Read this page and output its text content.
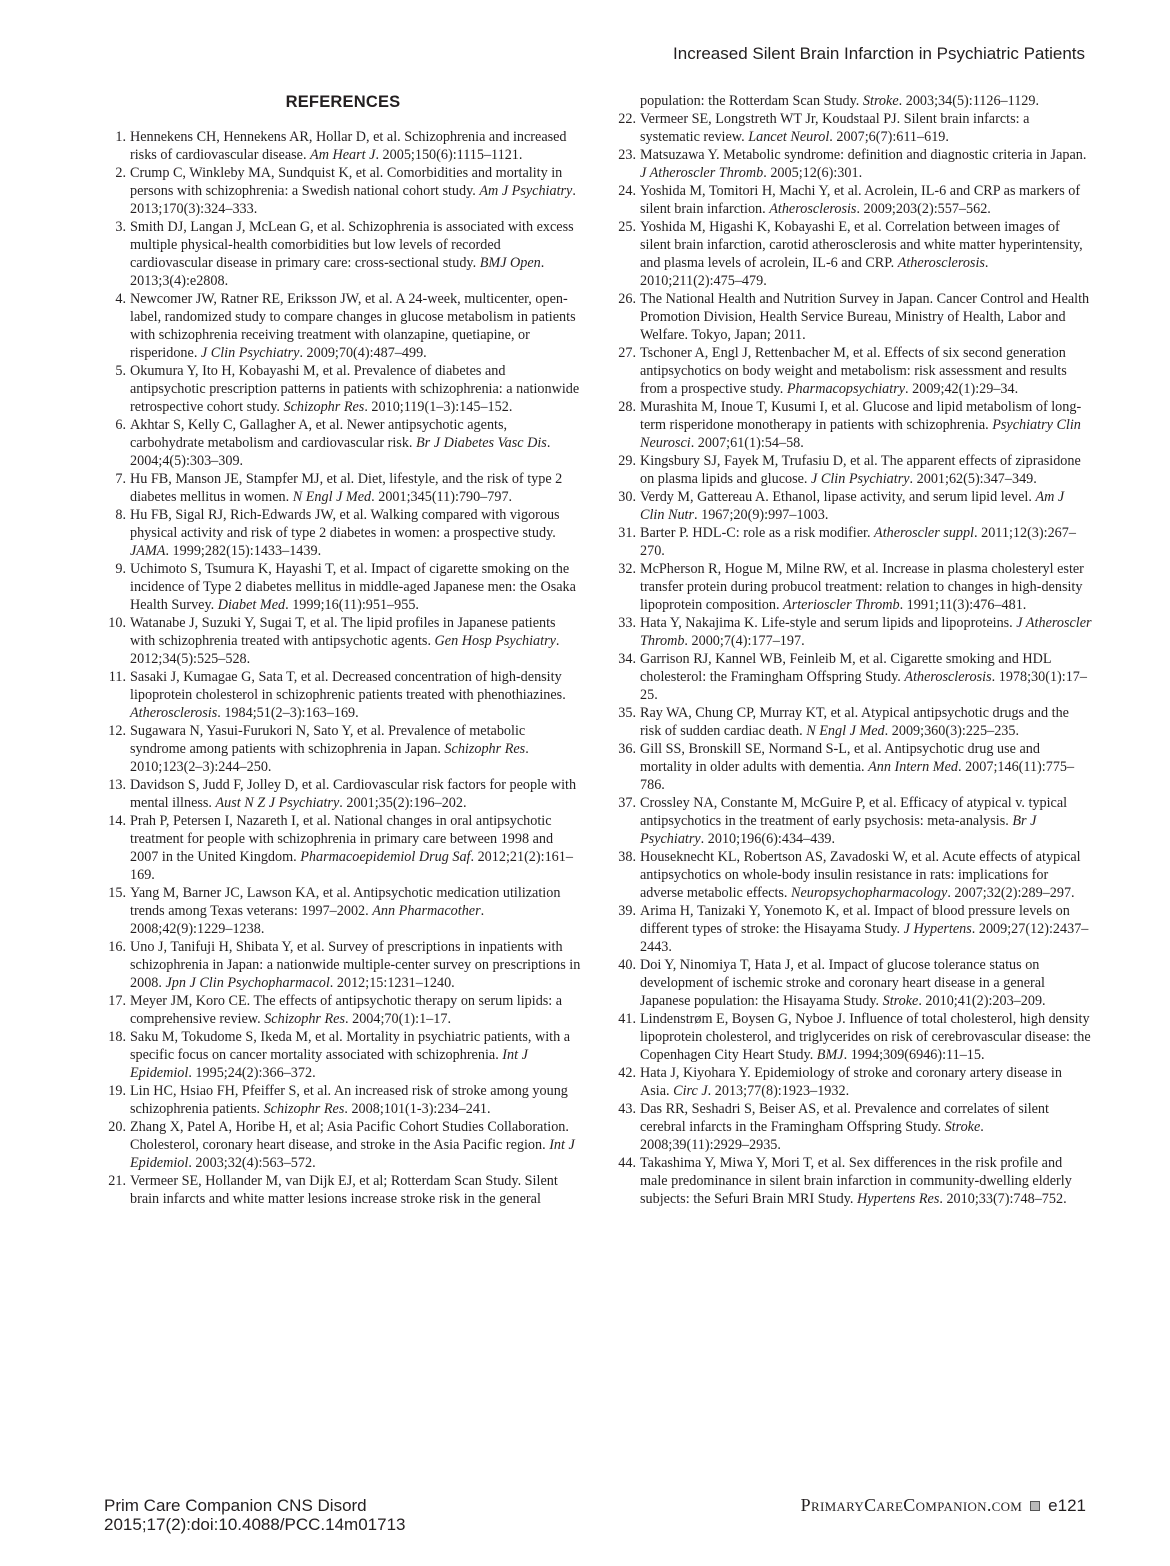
Increased Silent Brain Infarction in Psychiatric Patients
REFERENCES
1. Hennekens CH, Hennekens AR, Hollar D, et al. Schizophrenia and increased risks of cardiovascular disease. Am Heart J. 2005;150(6):1115–1121.
2. Crump C, Winkleby MA, Sundquist K, et al. Comorbidities and mortality in persons with schizophrenia: a Swedish national cohort study. Am J Psychiatry. 2013;170(3):324–333.
3. Smith DJ, Langan J, McLean G, et al. Schizophrenia is associated with excess multiple physical-health comorbidities but low levels of recorded cardiovascular disease in primary care: cross-sectional study. BMJ Open. 2013;3(4):e2808.
4. Newcomer JW, Ratner RE, Eriksson JW, et al. A 24-week, multicenter, open-label, randomized study to compare changes in glucose metabolism in patients with schizophrenia receiving treatment with olanzapine, quetiapine, or risperidone. J Clin Psychiatry. 2009;70(4):487–499.
5. Okumura Y, Ito H, Kobayashi M, et al. Prevalence of diabetes and antipsychotic prescription patterns in patients with schizophrenia: a nationwide retrospective cohort study. Schizophr Res. 2010;119(1–3):145–152.
6. Akhtar S, Kelly C, Gallagher A, et al. Newer antipsychotic agents, carbohydrate metabolism and cardiovascular risk. Br J Diabetes Vasc Dis. 2004;4(5):303–309.
7. Hu FB, Manson JE, Stampfer MJ, et al. Diet, lifestyle, and the risk of type 2 diabetes mellitus in women. N Engl J Med. 2001;345(11):790–797.
8. Hu FB, Sigal RJ, Rich-Edwards JW, et al. Walking compared with vigorous physical activity and risk of type 2 diabetes in women: a prospective study. JAMA. 1999;282(15):1433–1439.
9. Uchimoto S, Tsumura K, Hayashi T, et al. Impact of cigarette smoking on the incidence of Type 2 diabetes mellitus in middle-aged Japanese men: the Osaka Health Survey. Diabet Med. 1999;16(11):951–955.
10. Watanabe J, Suzuki Y, Sugai T, et al. The lipid profiles in Japanese patients with schizophrenia treated with antipsychotic agents. Gen Hosp Psychiatry. 2012;34(5):525–528.
11. Sasaki J, Kumagae G, Sata T, et al. Decreased concentration of high-density lipoprotein cholesterol in schizophrenic patients treated with phenothiazines. Atherosclerosis. 1984;51(2–3):163–169.
12. Sugawara N, Yasui-Furukori N, Sato Y, et al. Prevalence of metabolic syndrome among patients with schizophrenia in Japan. Schizophr Res. 2010;123(2–3):244–250.
13. Davidson S, Judd F, Jolley D, et al. Cardiovascular risk factors for people with mental illness. Aust N Z J Psychiatry. 2001;35(2):196–202.
14. Prah P, Petersen I, Nazareth I, et al. National changes in oral antipsychotic treatment for people with schizophrenia in primary care between 1998 and 2007 in the United Kingdom. Pharmacoepidemiol Drug Saf. 2012;21(2):161–169.
15. Yang M, Barner JC, Lawson KA, et al. Antipsychotic medication utilization trends among Texas veterans: 1997–2002. Ann Pharmacother. 2008;42(9):1229–1238.
16. Uno J, Tanifuji H, Shibata Y, et al. Survey of prescriptions in inpatients with schizophrenia in Japan: a nationwide multiple-center survey on prescriptions in 2008. Jpn J Clin Psychopharmacol. 2012;15:1231–1240.
17. Meyer JM, Koro CE. The effects of antipsychotic therapy on serum lipids: a comprehensive review. Schizophr Res. 2004;70(1):1–17.
18. Saku M, Tokudome S, Ikeda M, et al. Mortality in psychiatric patients, with a specific focus on cancer mortality associated with schizophrenia. Int J Epidemiol. 1995;24(2):366–372.
19. Lin HC, Hsiao FH, Pfeiffer S, et al. An increased risk of stroke among young schizophrenia patients. Schizophr Res. 2008;101(1-3):234–241.
20. Zhang X, Patel A, Horibe H, et al; Asia Pacific Cohort Studies Collaboration. Cholesterol, coronary heart disease, and stroke in the Asia Pacific region. Int J Epidemiol. 2003;32(4):563–572.
21. Vermeer SE, Hollander M, van Dijk EJ, et al; Rotterdam Scan Study. Silent brain infarcts and white matter lesions increase stroke risk in the general
population: the Rotterdam Scan Study. Stroke. 2003;34(5):1126–1129.
22. Vermeer SE, Longstreth WT Jr, Koudstaal PJ. Silent brain infarcts: a systematic review. Lancet Neurol. 2007;6(7):611–619.
23. Matsuzawa Y. Metabolic syndrome: definition and diagnostic criteria in Japan. J Atheroscler Thromb. 2005;12(6):301.
24. Yoshida M, Tomitori H, Machi Y, et al. Acrolein, IL-6 and CRP as markers of silent brain infarction. Atherosclerosis. 2009;203(2):557–562.
25. Yoshida M, Higashi K, Kobayashi E, et al. Correlation between images of silent brain infarction, carotid atherosclerosis and white matter hyperintensity, and plasma levels of acrolein, IL-6 and CRP. Atherosclerosis. 2010;211(2):475–479.
26. The National Health and Nutrition Survey in Japan. Cancer Control and Health Promotion Division, Health Service Bureau, Ministry of Health, Labor and Welfare. Tokyo, Japan; 2011.
27. Tschoner A, Engl J, Rettenbacher M, et al. Effects of six second generation antipsychotics on body weight and metabolism: risk assessment and results from a prospective study. Pharmacopsychiatry. 2009;42(1):29–34.
28. Murashita M, Inoue T, Kusumi I, et al. Glucose and lipid metabolism of long-term risperidone monotherapy in patients with schizophrenia. Psychiatry Clin Neurosci. 2007;61(1):54–58.
29. Kingsbury SJ, Fayek M, Trufasiu D, et al. The apparent effects of ziprasidone on plasma lipids and glucose. J Clin Psychiatry. 2001;62(5):347–349.
30. Verdy M, Gattereau A. Ethanol, lipase activity, and serum lipid level. Am J Clin Nutr. 1967;20(9):997–1003.
31. Barter P. HDL-C: role as a risk modifier. Atheroscler suppl. 2011;12(3):267–270.
32. McPherson R, Hogue M, Milne RW, et al. Increase in plasma cholesteryl ester transfer protein during probucol treatment: relation to changes in high-density lipoprotein composition. Arterioscler Thromb. 1991;11(3):476–481.
33. Hata Y, Nakajima K. Life-style and serum lipids and lipoproteins. J Atheroscler Thromb. 2000;7(4):177–197.
34. Garrison RJ, Kannel WB, Feinleib M, et al. Cigarette smoking and HDL cholesterol: the Framingham Offspring Study. Atherosclerosis. 1978;30(1):17–25.
35. Ray WA, Chung CP, Murray KT, et al. Atypical antipsychotic drugs and the risk of sudden cardiac death. N Engl J Med. 2009;360(3):225–235.
36. Gill SS, Bronskill SE, Normand S-L, et al. Antipsychotic drug use and mortality in older adults with dementia. Ann Intern Med. 2007;146(11):775–786.
37. Crossley NA, Constante M, McGuire P, et al. Efficacy of atypical v. typical antipsychotics in the treatment of early psychosis: meta-analysis. Br J Psychiatry. 2010;196(6):434–439.
38. Houseknecht KL, Robertson AS, Zavadoski W, et al. Acute effects of atypical antipsychotics on whole-body insulin resistance in rats: implications for adverse metabolic effects. Neuropsychopharmacology. 2007;32(2):289–297.
39. Arima H, Tanizaki Y, Yonemoto K, et al. Impact of blood pressure levels on different types of stroke: the Hisayama Study. J Hypertens. 2009;27(12):2437–2443.
40. Doi Y, Ninomiya T, Hata J, et al. Impact of glucose tolerance status on development of ischemic stroke and coronary heart disease in a general Japanese population: the Hisayama Study. Stroke. 2010;41(2):203–209.
41. Lindenstrøm E, Boysen G, Nyboe J. Influence of total cholesterol, high density lipoprotein cholesterol, and triglycerides on risk of cerebrovascular disease: the Copenhagen City Heart Study. BMJ. 1994;309(6946):11–15.
42. Hata J, Kiyohara Y. Epidemiology of stroke and coronary artery disease in Asia. Circ J. 2013;77(8):1923–1932.
43. Das RR, Seshadri S, Beiser AS, et al. Prevalence and correlates of silent cerebral infarcts in the Framingham Offspring Study. Stroke. 2008;39(11):2929–2935.
44. Takashima Y, Miwa Y, Mori T, et al. Sex differences in the risk profile and male predominance in silent brain infarction in community-dwelling elderly subjects: the Sefuri Brain MRI Study. Hypertens Res. 2010;33(7):748–752.
Prim Care Companion CNS Disord
2015;17(2):doi:10.4088/PCC.14m01713
PrimaryCareCompanion.com e121
